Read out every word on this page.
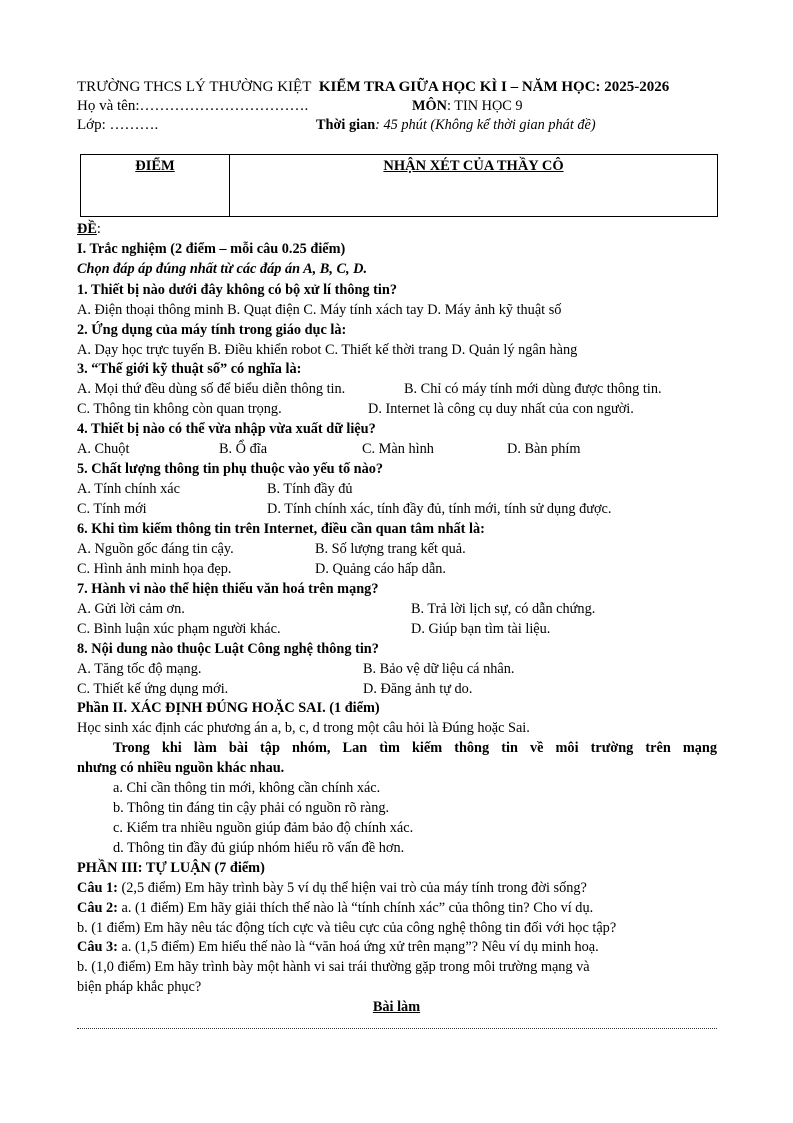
TRƯỜNG THCS LÝ THƯỜNG KIỆT KIỂM TRA GIỮA HỌC KÌ I – NĂM HỌC: 2025-2026
Họ và tên:…………………………….	MÔN: TIN HỌC 9
Lớp: ……….	Thời gian: 45 phút (Không kể thời gian phát đề)
ĐIỂM	NHẬN XÉT CỦA THẦY CÔ
ĐỀ:
I. Trắc nghiệm (2 điểm – mỗi câu 0.25 điểm)
Chọn đáp áp đúng nhất từ các đáp án A, B, C, D.
1. Thiết bị nào dưới đây không có bộ xử lí thông tin?
A. Điện thoại thông minh B. Quạt điện C. Máy tính xách tay D. Máy ảnh kỹ thuật số
2. Ứng dụng của máy tính trong giáo dục là:
A. Dạy học trực tuyến B. Điều khiển robot C. Thiết kế thời trang D. Quản lý ngân hàng
3. “Thế giới kỹ thuật số” có nghĩa là:
A. Mọi thứ đều dùng số để biểu diễn thông tin.	B. Chỉ có máy tính mới dùng được thông tin.
C. Thông tin không còn quan trọng.	D. Internet là công cụ duy nhất của con người.
4. Thiết bị nào có thể vừa nhập vừa xuất dữ liệu?
A. Chuột	B. Ổ đĩa	C. Màn hình	D. Bàn phím
5. Chất lượng thông tin phụ thuộc vào yếu tố nào?
A. Tính chính xác	B. Tính đầy đủ
C. Tính mới	D. Tính chính xác, tính đầy đủ, tính mới, tính sử dụng được.
6. Khi tìm kiếm thông tin trên Internet, điều cần quan tâm nhất là:
A. Nguồn gốc đáng tin cậy.	B. Số lượng trang kết quả.
C. Hình ảnh minh họa đẹp.	D. Quảng cáo hấp dẫn.
7. Hành vi nào thể hiện thiếu văn hoá trên mạng?
A. Gửi lời cảm ơn.	B. Trả lời lịch sự, có dẫn chứng.
C. Bình luận xúc phạm người khác.	D. Giúp bạn tìm tài liệu.
8. Nội dung nào thuộc Luật Công nghệ thông tin?
A. Tăng tốc độ mạng.	B. Bảo vệ dữ liệu cá nhân.
C. Thiết kế ứng dụng mới.	D. Đăng ảnh tự do.
Phần II. XÁC ĐỊNH ĐÚNG HOẶC SAI. (1 điểm)
Học sinh xác định các phương án a, b, c, d trong một câu hỏi là Đúng hoặc Sai.
Trong khi làm bài tập nhóm, Lan tìm kiếm thông tin về môi trường trên mạng
nhưng có nhiều nguồn khác nhau.
a. Chỉ cần thông tin mới, không cần chính xác.
b. Thông tin đáng tin cậy phải có nguồn rõ ràng.
c. Kiểm tra nhiều nguồn giúp đảm bảo độ chính xác.
d. Thông tin đầy đủ giúp nhóm hiểu rõ vấn đề hơn.
PHẦN III: TỰ LUẬN (7 điểm)
Câu 1: (2,5 điểm) Em hãy trình bày 5 ví dụ thể hiện vai trò của máy tính trong đời sống?
Câu 2: a. (1 điểm) Em hãy giải thích thế nào là “tính chính xác” của thông tin? Cho ví dụ.
b. (1 điểm) Em hãy nêu tác động tích cực và tiêu cực của công nghệ thông tin đối với học tập?
Câu 3: a. (1,5 điểm) Em hiểu thế nào là “văn hoá ứng xử trên mạng”? Nêu ví dụ minh hoạ.
b. (1,0 điểm) Em hãy trình bày một hành vi sai trái thường gặp trong môi trường mạng và
biện pháp khắc phục?
Bài làm
